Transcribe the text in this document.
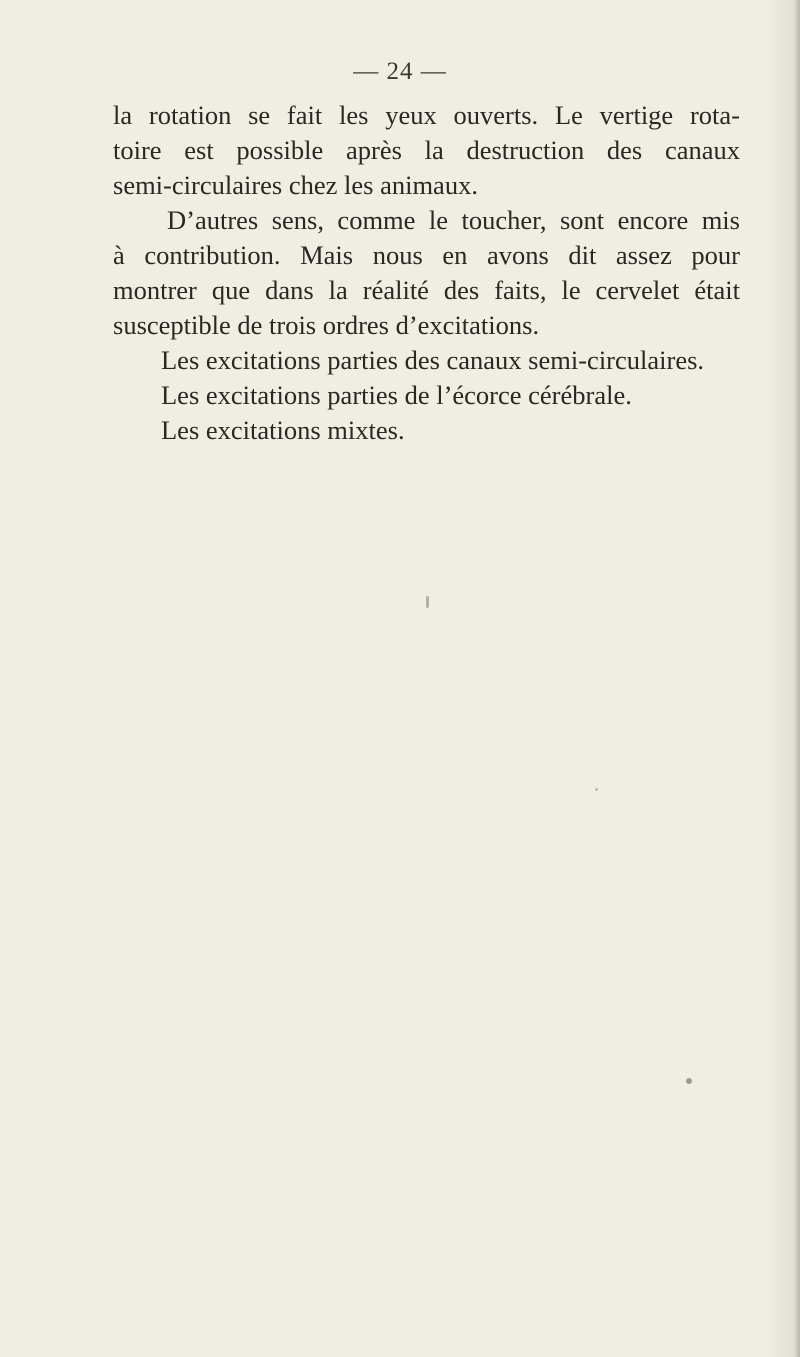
— 24 —
la rotation se fait les yeux ouverts. Le vertige rota-
toire est possible après la destruction des canaux
semi-circulaires chez les animaux.
D’autres sens, comme le toucher, sont encore mis
à contribution. Mais nous en avons dit assez pour
montrer que dans la réalité des faits, le cervelet était
susceptible de trois ordres d’excitations.
Les excitations parties des canaux semi-circulaires.
Les excitations parties de l’écorce cérébrale.
Les excitations mixtes.
